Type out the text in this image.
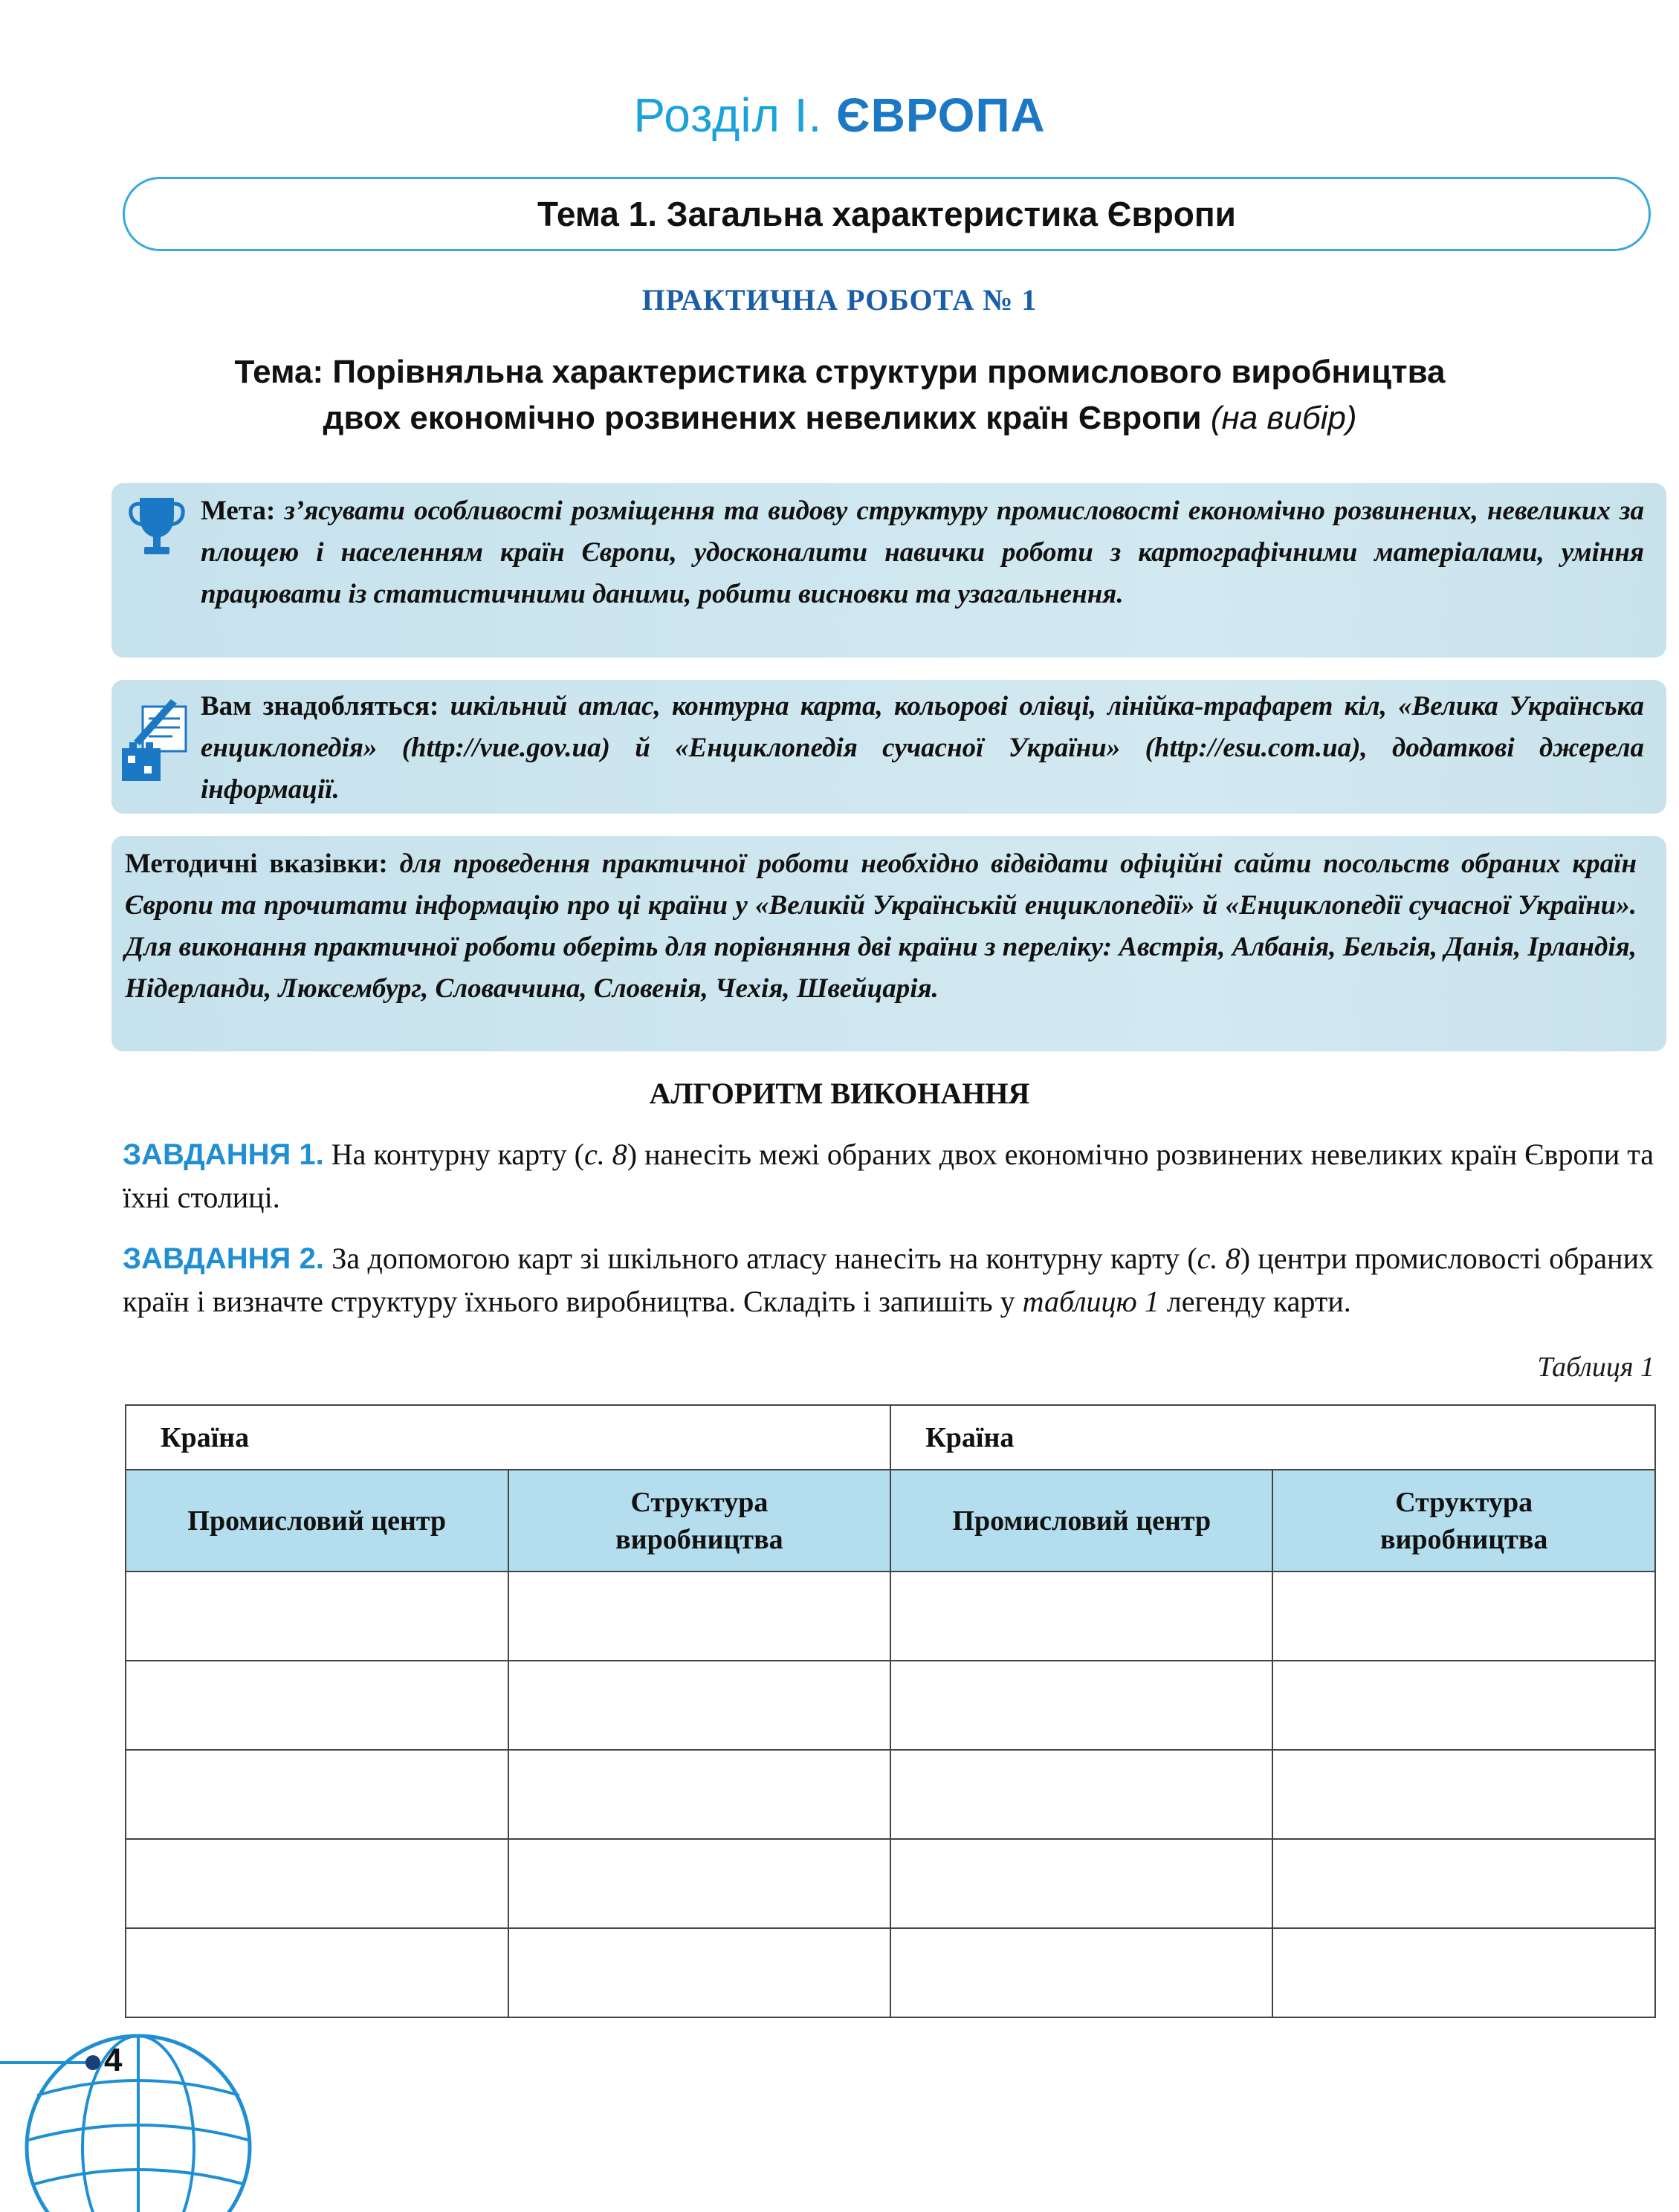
Розділ І. ЄВРОПА
Тема 1. Загальна характеристика Європи
ПРАКТИЧНА РОБОТА № 1
Тема: Порівняльна характеристика структури промислового виробництва
двох економічно розвинених невеликих країн Європи (на вибір)
Мета: з’ясувати особливості розміщення та видову структуру промисловості економічно розвинених, невеликих за площею і населенням країн Європи, удосконалити навички роботи з картографічними матеріалами, уміння працювати із статистичними даними, робити висновки та узагальнення.
Вам знадобляться: шкільний атлас, контурна карта, кольорові олівці, лінійка-трафарет кіл, «Велика Українська енциклопедія» (http://vue.gov.ua) й «Енциклопедія сучасної України» (http://esu.com.ua), додаткові джерела інформації.
Методичні вказівки: для проведення практичної роботи необхідно відвідати офіційні сайти посольств обраних країн Європи та прочитати інформацію про ці країни у «Великій Українській енциклопедії» й «Енциклопедії сучасної України». Для виконання практичної роботи оберіть для порівняння дві країни з переліку: Австрія, Албанія, Бельгія, Данія, Ірландія, Нідерланди, Люксембург, Словаччина, Словенія, Чехія, Швейцарія.
АЛГОРИТМ ВИКОНАННЯ
ЗАВДАННЯ 1. На контурну карту (с. 8) нанесіть межі обраних двох економічно розвинених невеликих країн Європи та їхні столиці.
ЗАВДАННЯ 2. За допомогою карт зі шкільного атласу нанесіть на контурну карту (с. 8) центри промисловості обраних країн і визначте структуру їхнього виробництва. Складіть і запишіть у таблицю 1 легенду карти.
Таблиця 1
Країна		Країна	
Промисловий центр	Структура виробництва	Промисловий центр	Структура виробництва

4
